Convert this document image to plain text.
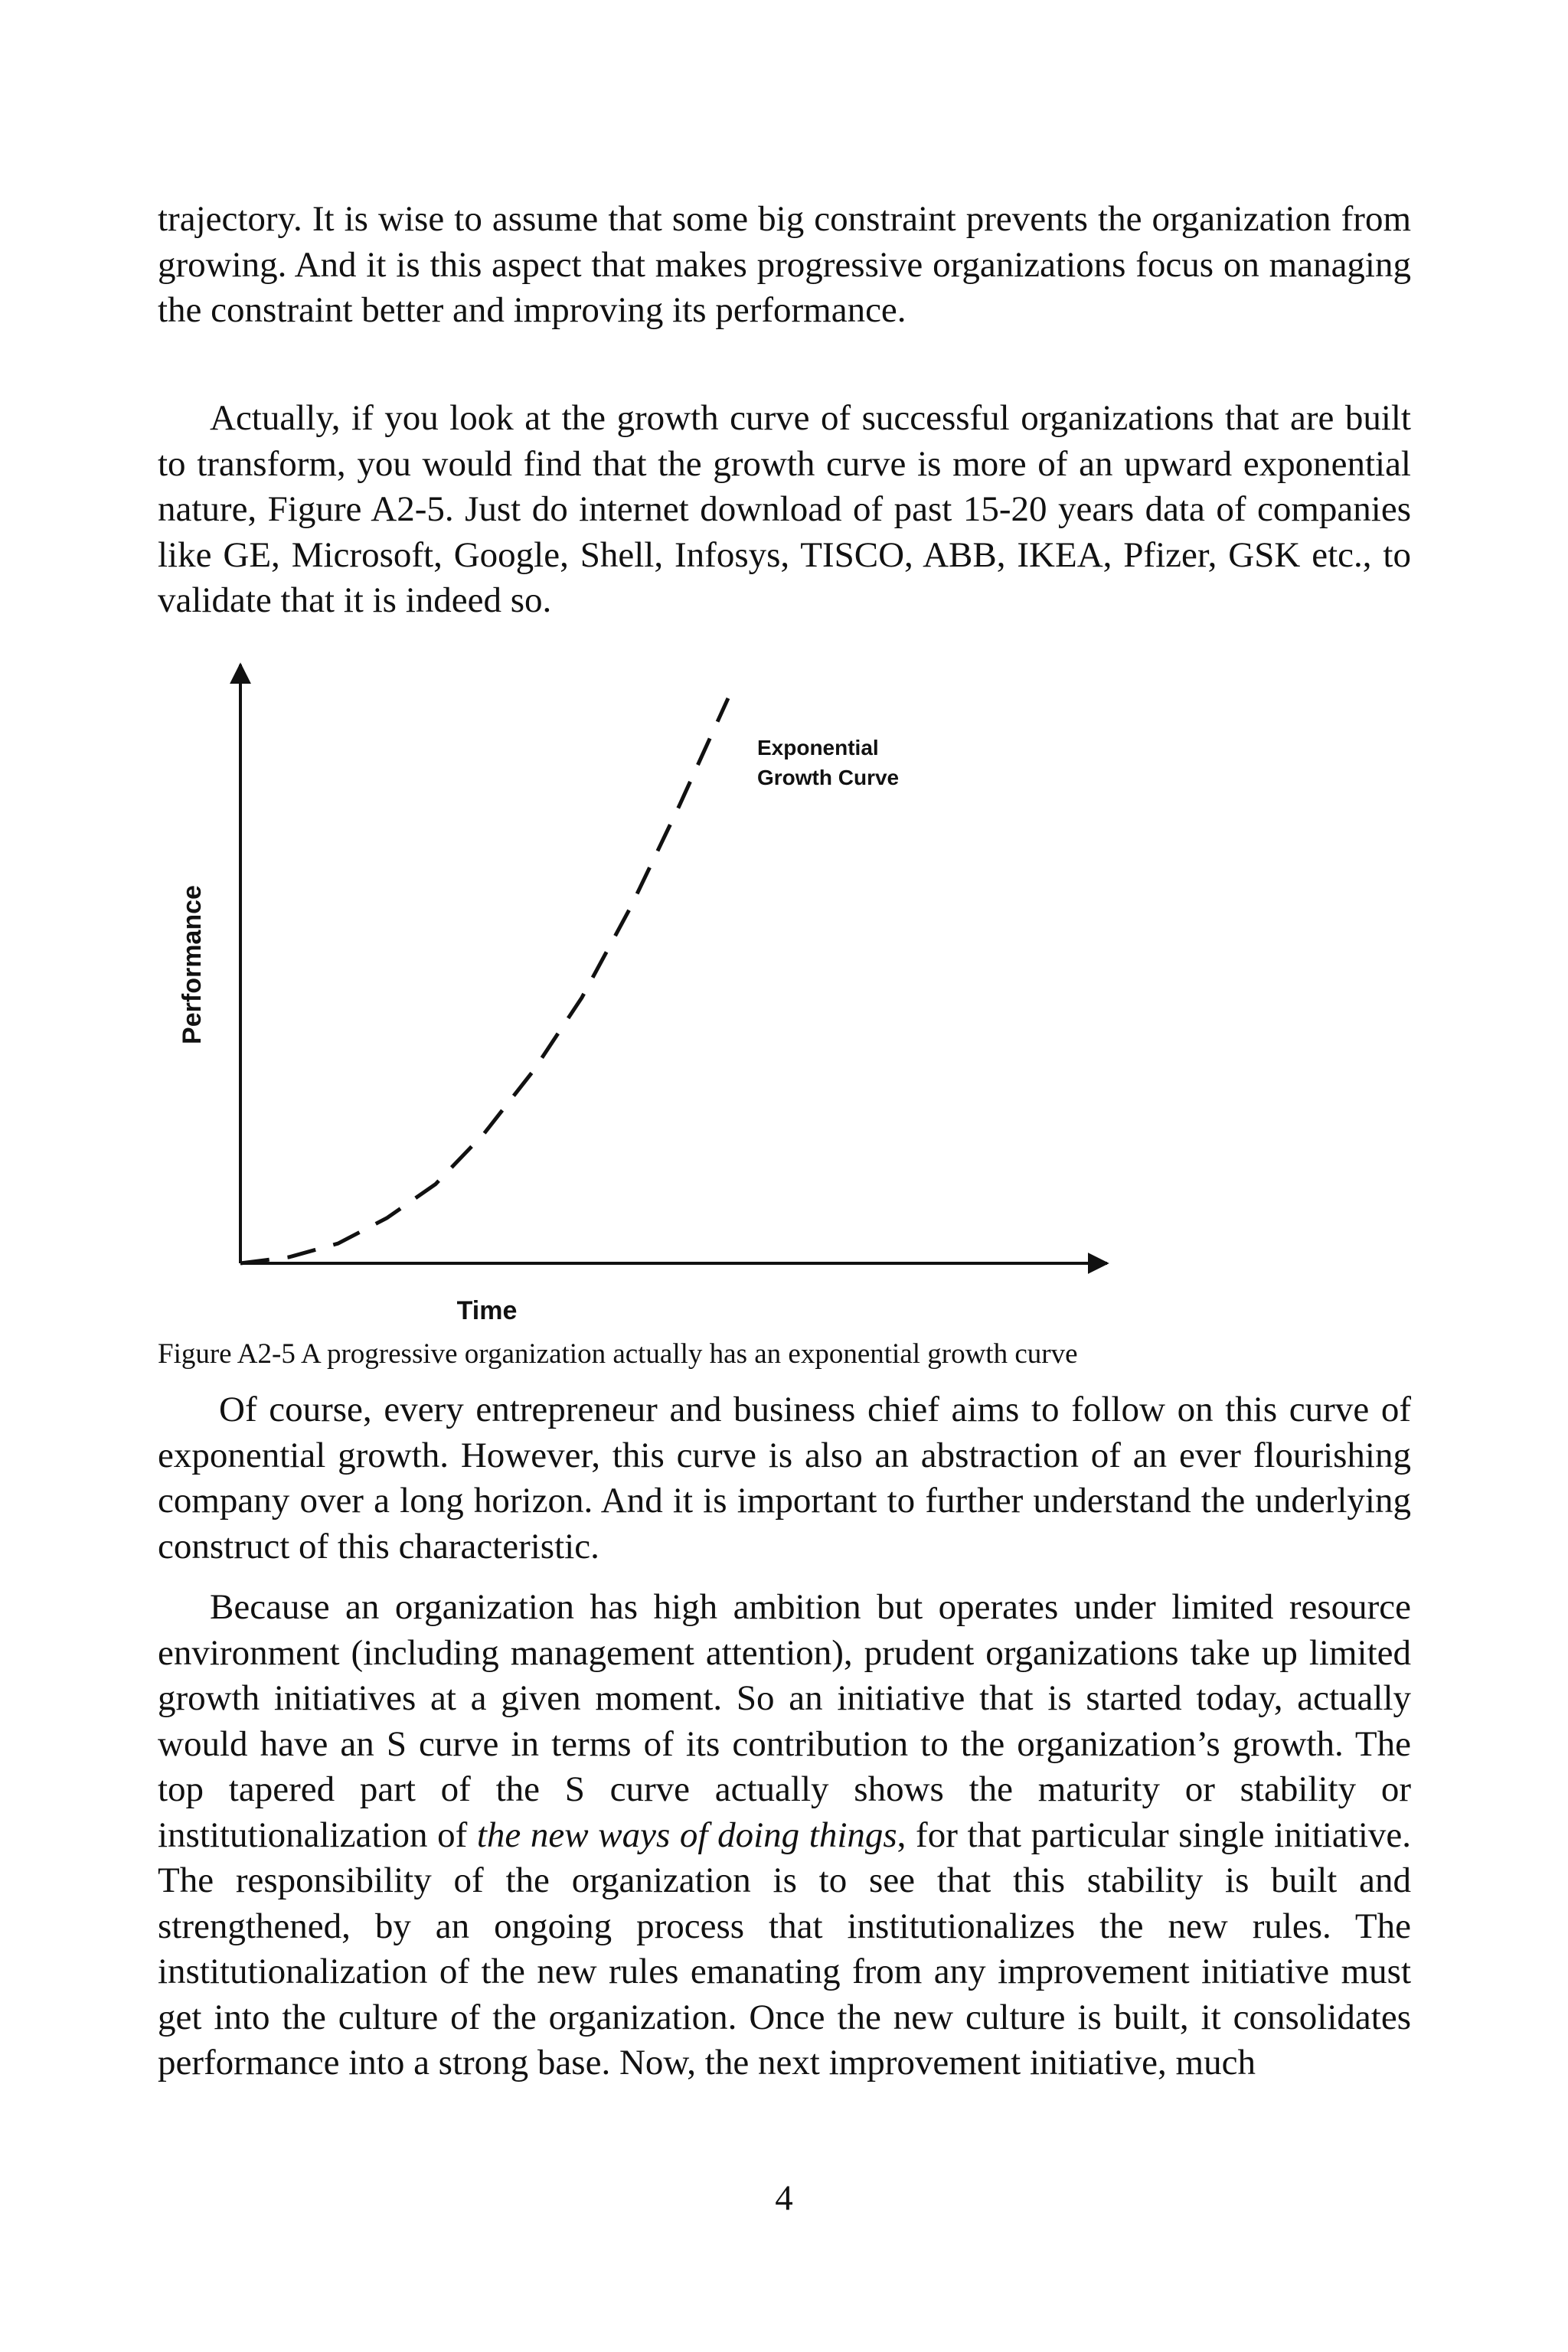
trajectory. It is wise to assume that some big constraint prevents the organization from growing. And it is this aspect that makes progressive organizations focus on managing the constraint better and improving its performance.

Actually, if you look at the growth curve of successful organizations that are built to transform, you would find that the growth curve is more of an upward exponential nature, Figure A2-5. Just do internet download of past 15-20 years data of companies like GE, Microsoft, Google, Shell, Infosys, TISCO, ABB, IKEA, Pfizer, GSK etc., to validate that it is indeed so.

Performance
Time
Exponential
Growth Curve
Figure A2-5 A progressive organization actually has an exponential growth curve

Of course, every entrepreneur and business chief aims to follow on this curve of exponential growth. However, this curve is also an abstraction of an ever flourishing company over a long horizon. And it is important to further understand the underlying construct of this characteristic.

Because an organization has high ambition but operates under limited resource environment (including management attention), prudent organizations take up limited growth initiatives at a given moment. So an initiative that is started today, actually would have an S curve in terms of its contribution to the organization’s growth. The top tapered part of the S curve actually shows the maturity or stability or institutionalization of the new ways of doing things, for that particular single initiative. The responsibility of the organization is to see that this stability is built and strengthened, by an ongoing process that institutionalizes the new rules. The institutionalization of the new rules emanating from any improvement initiative must get into the culture of the organization. Once the new culture is built, it consolidates performance into a strong base. Now, the next improvement initiative, much

4
